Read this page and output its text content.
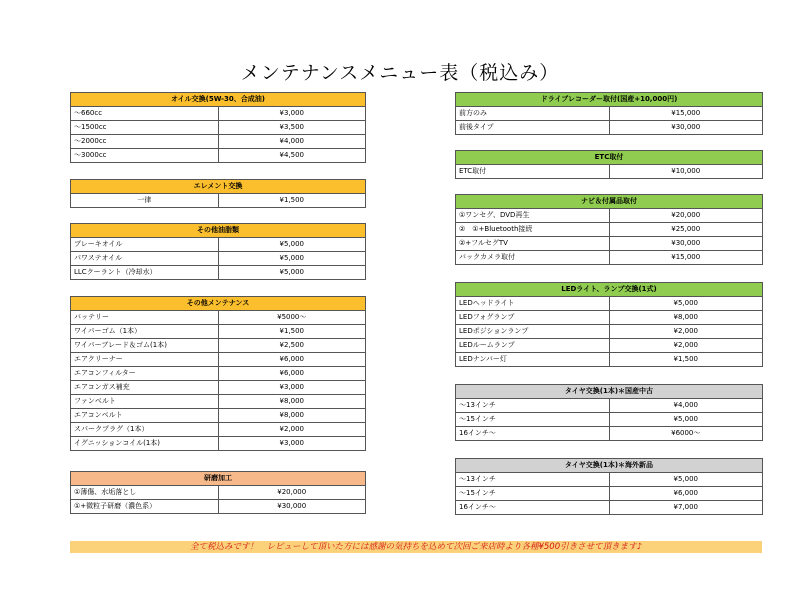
メンテナンスメニュー表（税込み）
オイル交換(5W-30、合成油)	
～660cc	¥3,000
～1500cc	¥3,500
～2000cc	¥4,000
～3000cc	¥4,500
エレメント交換
一律	¥1,500
その他油脂類	
ブレーキオイル	¥5,000
パワステオイル	¥5,000
LLCクーラント（冷却水）	¥5,000
その他メンテナンス	
バッテリー	¥5000～
ワイパーゴム（1本）	¥1,500
ワイパーブレード＆ゴム(1本)	¥2,500
エアクリーナー	¥6,000
エアコンフィルター	¥6,000
エアコンガス補充	¥3,000
ファンベルト	¥8,000
エアコンベルト	¥8,000
スパークプラグ（1本）	¥2,000
イグニッションコイル(1本)	¥3,000
研磨加工	
①薄傷、水垢落とし	¥20,000
①+微粒子研磨（濃色系）	¥30,000
ドライブレコーダー取付(国産+10,000円)	
前方のみ	¥15,000
前後タイプ	¥30,000
ETC取付
ETC取付	¥10,000
ナビ＆付属品取付	
①ワンセグ、DVD再生	¥20,000
②　①+Bluetooth接続	¥25,000
②+フルセグTV	¥30,000
バックカメラ取付	¥15,000
LEDライト、ランプ交換(1式)	
LEDヘッドライト	¥5,000
LEDフォグランプ	¥8,000
LEDポジションランプ	¥2,000
LEDルームランプ	¥2,000
LEDナンバー灯	¥1,500
タイヤ交換(1本)＊国産中古	
～13インチ	¥4,000
～15インチ	¥5,000
16インチ～	¥6000～
タイヤ交換(1本)＊海外新品	
～13インチ	¥5,000
～15インチ	¥6,000
16インチ～	¥7,000
全て税込みです！　レビューして頂いた方には感謝の気持ちを込めて次回ご来店時より各種¥500引きさせて頂きます♪
